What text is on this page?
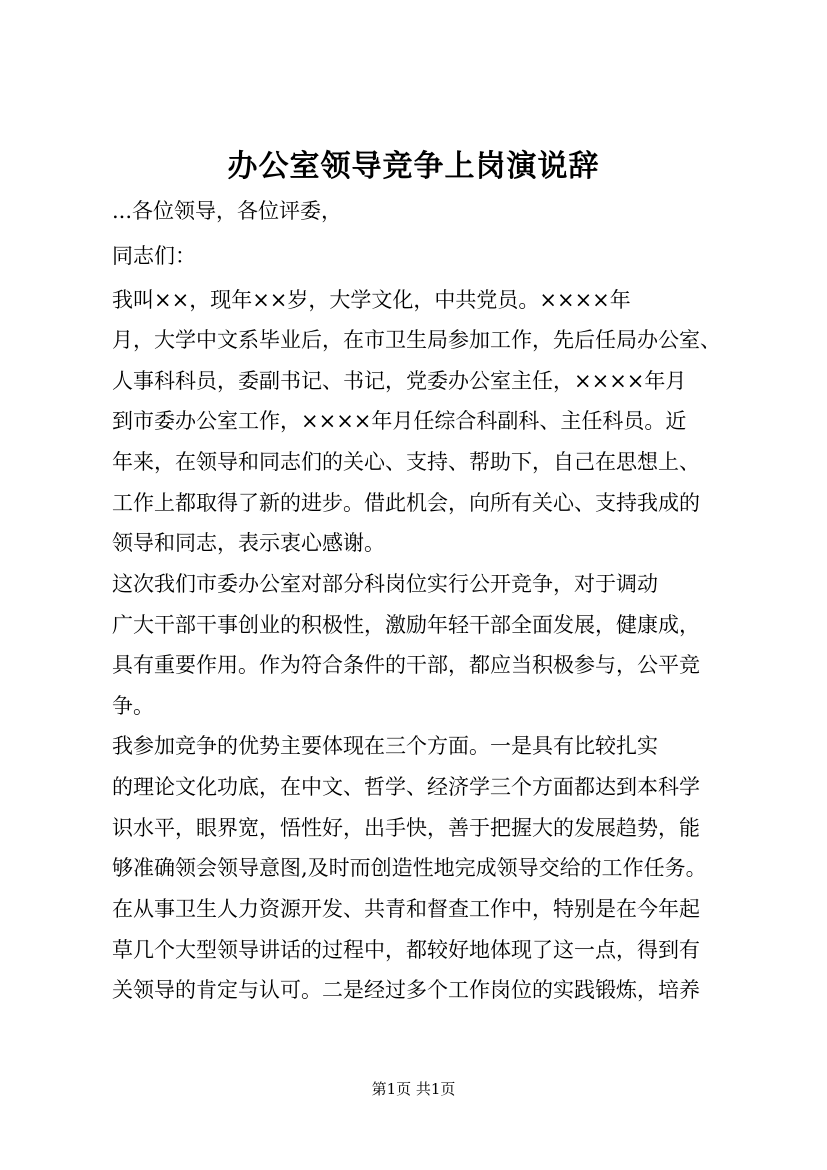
办公室领导竞争上岗演说辞
...各位领导，各位评委，
同志们：
我叫××，现年××岁，大学文化，中共党员。××××年
月，大学中文系毕业后，在市卫生局参加工作，先后任局办公室、
人事科科员，委副书记、书记，党委办公室主任，××××年月
到市委办公室工作，××××年月任综合科副科、主任科员。近
年来，在领导和同志们的关心、支持、帮助下，自己在思想上、
工作上都取得了新的进步。借此机会，向所有关心、支持我成的
领导和同志，表示衷心感谢。
这次我们市委办公室对部分科岗位实行公开竞争，对于调动
广大干部干事创业的积极性，激励年轻干部全面发展，健康成，
具有重要作用。作为符合条件的干部，都应当积极参与，公平竞
争。
我参加竞争的优势主要体现在三个方面。一是具有比较扎实
的理论文化功底，在中文、哲学、经济学三个方面都达到本科学
识水平，眼界宽，悟性好，出手快，善于把握大的发展趋势，能
够准确领会领导意图,及时而创造性地完成领导交给的工作任务。
在从事卫生人力资源开发、共青和督查工作中，特别是在今年起
草几个大型领导讲话的过程中，都较好地体现了这一点，得到有
关领导的肯定与认可。二是经过多个工作岗位的实践锻炼，培养
第1页 共1页
